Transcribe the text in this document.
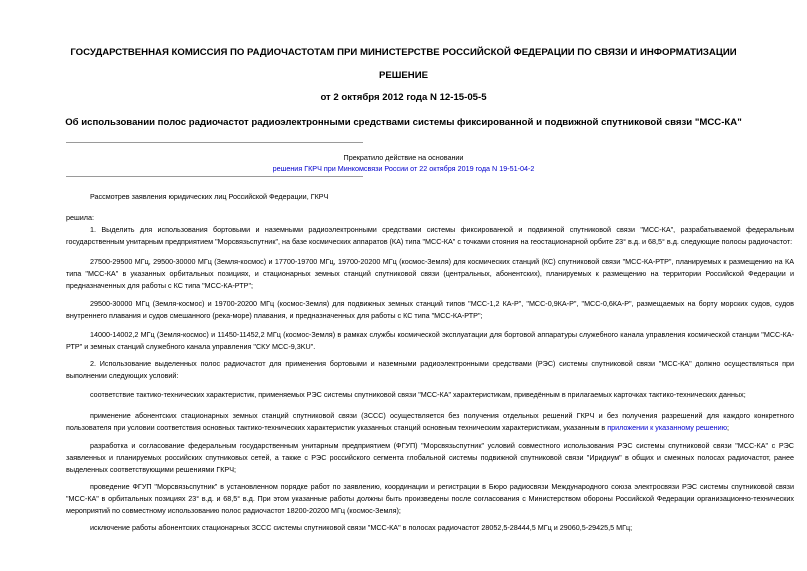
ГОСУДАРСТВЕННАЯ КОМИССИЯ ПО РАДИОЧАСТОТАМ ПРИ МИНИСТЕРСТВЕ РОССИЙСКОЙ ФЕДЕРАЦИИ ПО СВЯЗИ И ИНФОРМАТИЗАЦИИ
РЕШЕНИЕ
от 2 октября 2012 года N 12-15-05-5
Об использовании полос радиочастот радиоэлектронными средствами системы фиксированной и подвижной спутниковой связи "МСС-КА"
Прекратило действие на основании
решения ГКРЧ при Минкомсвязи России от 22 октября 2019 года N 19-51-04-2
Рассмотрев заявления юридических лиц Российской Федерации, ГКРЧ
решила:
1. Выделить для использования бортовыми и наземными радиоэлектронными средствами системы фиксированной и подвижной спутниковой связи "МСС-КА", разрабатываемой федеральным государственным унитарным предприятием "Морсвязьспутник", на базе космических аппаратов (КА) типа "МСС-КА" с точками стояния на геостационарной орбите 23° в.д. и 68,5° в.д. следующие полосы радиочастот:
27500-29500 МГц, 29500-30000 МГц (Земля-космос) и 17700-19700 МГц, 19700-20200 МГц (космос-Земля) для космических станций (КС) спутниковой связи "МСС-КА-РТР", планируемых к размещению на КА типа "МСС-КА" в указанных орбитальных позициях, и стационарных земных станций спутниковой связи (центральных, абонентских), планируемых к размещению на территории Российской Федерации и предназначенных для работы с КС типа "МСС-КА-РТР";
29500-30000 МГц (Земля-космос) и 19700-20200 МГц (космос-Земля) для подвижных земных станций типов "МСС-1,2 КА-Р", "МСС-0,9КА-Р", "МСС-0,6КА-Р", размещаемых на борту морских судов, судов внутреннего плавания и судов смешанного (река-море) плавания, и предназначенных для работы с КС типа "МСС-КА-РТР";
14000-14002,2 МГц (Земля-космос) и 11450-11452,2 МГц (космос-Земля) в рамках службы космической эксплуатации для бортовой аппаратуры служебного канала управления космической станции "МСС-КА-РТР" и земных станций служебного канала управления "СКУ МСС-9,3KU".
2. Использование выделенных полос радиочастот для применения бортовыми и наземными радиоэлектронными средствами (РЭС) системы спутниковой связи "МСС-КА" должно осуществляться при выполнении следующих условий:
соответствие тактико-технических характеристик, применяемых РЭС системы спутниковой связи "МСС-КА" характеристикам, приведённым в прилагаемых карточках тактико-технических данных;
применение абонентских стационарных земных станций спутниковой связи (ЗССС) осуществляется без получения отдельных решений ГКРЧ и без получения разрешений для каждого конкретного пользователя при условии соответствия основных тактико-технических характеристик указанных станций основным техническим характеристикам, указанным в приложении к указанному решению;
разработка и согласование федеральным государственным унитарным предприятием (ФГУП) "Морсвязьспутник" условий совместного использования РЭС системы спутниковой связи "МСС-КА" с РЭС заявленных и планируемых российских спутниковых сетей, а также с РЭС российского сегмента глобальной системы подвижной спутниковой связи "Иридиум" в общих и смежных полосах радиочастот, ранее выделенных соответствующими решениями ГКРЧ;
проведение ФГУП "Морсвязьспутник" в установленном порядке работ по заявлению, координации и регистрации в Бюро радиосвязи Международного союза электросвязи РЭС системы спутниковой связи "МСС-КА" в орбитальных позициях 23° в.д. и 68,5° в.д. При этом указанные работы должны быть произведены после согласования с Министерством обороны Российской Федерации организационно-технических мероприятий по совместному использованию полос радиочастот 18200-20200 МГц (космос-Земля);
исключение работы абонентских стационарных ЗССС системы спутниковой связи "МСС-КА" в полосах радиочастот 28052,5-28444,5 МГц и 29060,5-29425,5 МГц;
